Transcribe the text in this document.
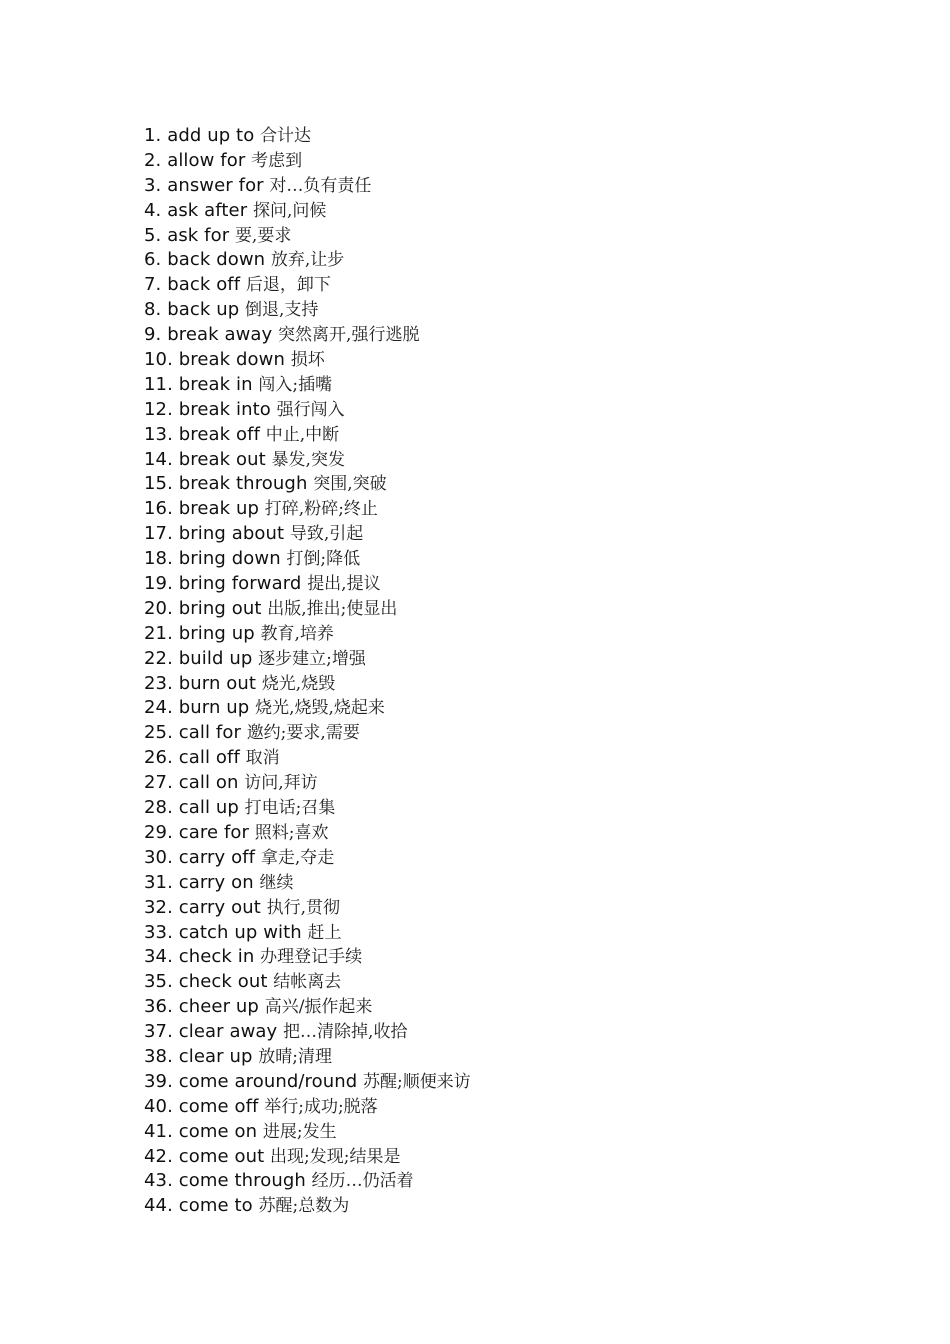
1. add up to 合计达
2. allow for 考虑到
3. answer for 对…负有责任
4. ask after 探问,问候
5. ask for 要,要求
6. back down 放弃,让步
7. back off 后退，卸下
8. back up 倒退,支持
9. break away 突然离开,强行逃脱
10. break down 损坏
11. break in 闯入;插嘴
12. break into 强行闯入
13. break off 中止,中断
14. break out 暴发,突发
15. break through 突围,突破
16. break up 打碎,粉碎;终止
17. bring about 导致,引起
18. bring down 打倒;降低
19. bring forward 提出,提议
20. bring out 出版,推出;使显出
21. bring up 教育,培养
22. build up 逐步建立;增强
23. burn out 烧光,烧毁
24. burn up 烧光,烧毁,烧起来
25. call for 邀约;要求,需要
26. call off 取消
27. call on 访问,拜访
28. call up 打电话;召集
29. care for 照料;喜欢
30. carry off 拿走,夺走
31. carry on 继续
32. carry out 执行,贯彻
33. catch up with 赶上
34. check in 办理登记手续
35. check out 结帐离去
36. cheer up 高兴/振作起来
37. clear away 把…清除掉,收拾
38. clear up 放晴;清理
39. come around/round 苏醒;顺便来访
40. come off 举行;成功;脱落
41. come on 进展;发生
42. come out 出现;发现;结果是
43. come through 经历…仍活着
44. come to 苏醒;总数为
